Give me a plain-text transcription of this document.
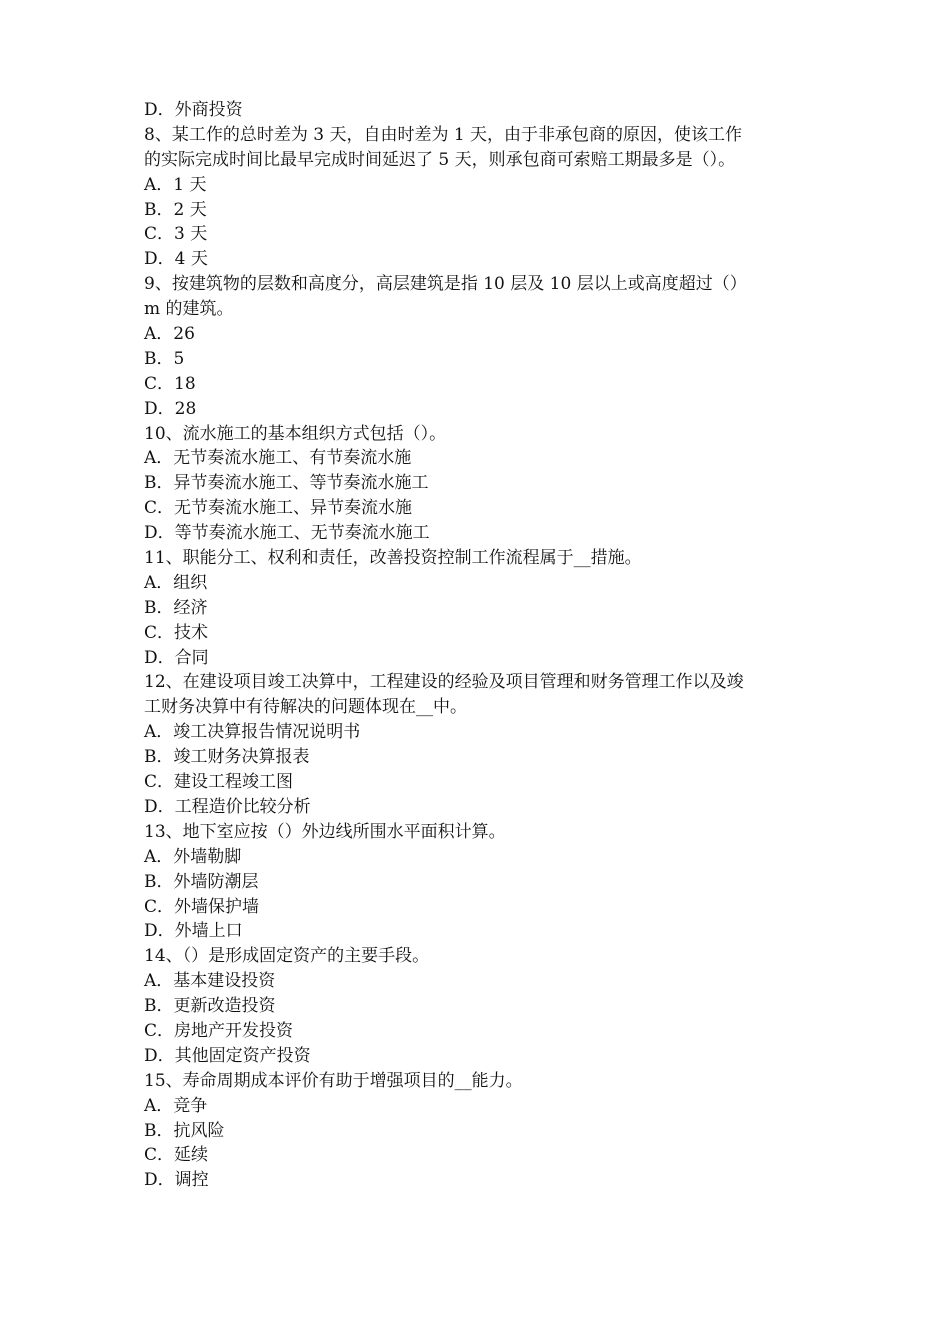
D．外商投资
8、某工作的总时差为 3 天，自由时差为 1 天，由于非承包商的原因，使该工作
的实际完成时间比最早完成时间延迟了 5 天，则承包商可索赔工期最多是（）。
A．1 天
B．2 天
C．3 天
D．4 天
9、按建筑物的层数和高度分，高层建筑是指 10 层及 10 层以上或高度超过（）
m 的建筑。
A．26
B．5
C．18
D．28
10、流水施工的基本组织方式包括（）。
A．无节奏流水施工、有节奏流水施
B．异节奏流水施工、等节奏流水施工
C．无节奏流水施工、异节奏流水施
D．等节奏流水施工、无节奏流水施工
11、职能分工、权利和责任，改善投资控制工作流程属于__措施。
A．组织
B．经济
C．技术
D．合同
12、在建设项目竣工决算中，工程建设的经验及项目管理和财务管理工作以及竣
工财务决算中有待解决的问题体现在__中。
A．竣工决算报告情况说明书
B．竣工财务决算报表
C．建设工程竣工图
D．工程造价比较分析
13、地下室应按（）外边线所围水平面积计算。
A．外墙勒脚
B．外墙防潮层
C．外墙保护墙
D．外墙上口
14、（）是形成固定资产的主要手段。
A．基本建设投资
B．更新改造投资
C．房地产开发投资
D．其他固定资产投资
15、寿命周期成本评价有助于增强项目的__能力。
A．竞争
B．抗风险
C．延续
D．调控
